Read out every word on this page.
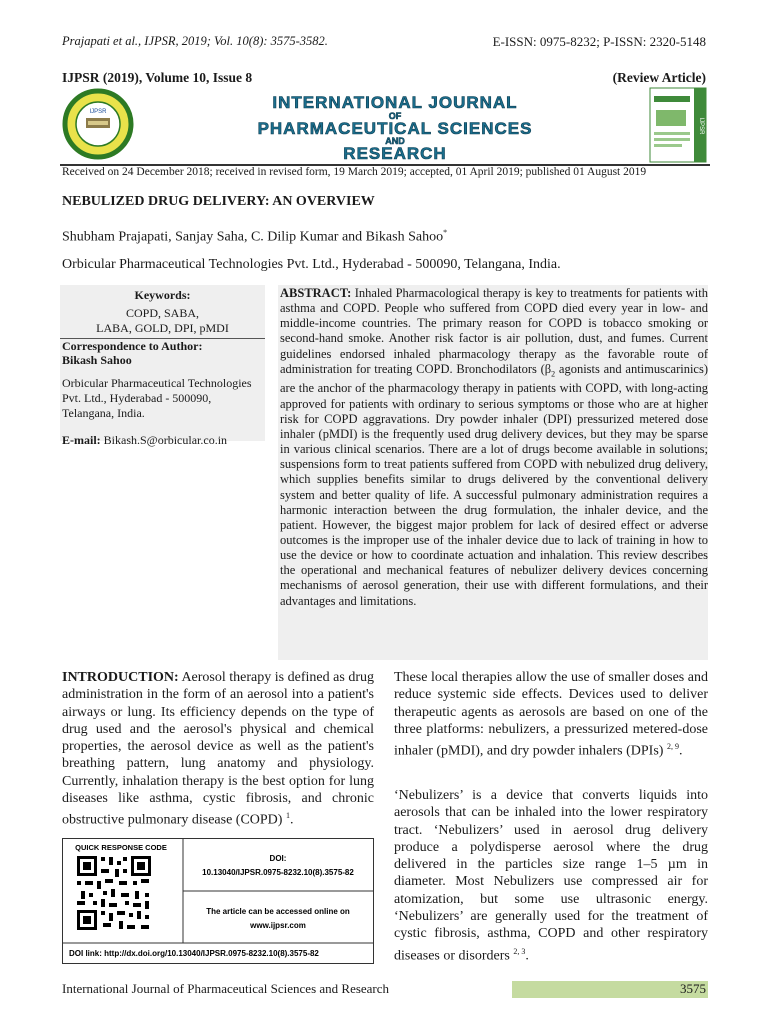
Prajapati et al., IJPSR, 2019; Vol. 10(8): 3575-3582.	E-ISSN: 0975-8232; P-ISSN: 2320-5148
IJPSR (2019), Volume 10, Issue 8	(Review Article)
IJPSR	INTERNATIONAL JOURNAL
OF
PHARMACEUTICAL SCIENCES
AND
RESEARCH
IJPSR
Received on 24 December 2018; received in revised form, 19 March 2019; accepted, 01 April 2019; published 01 August 2019
NEBULIZED DRUG DELIVERY: AN OVERVIEW
Shubham Prajapati, Sanjay Saha, C. Dilip Kumar and Bikash Sahoo*
Orbicular Pharmaceutical Technologies Pvt. Ltd., Hyderabad - 500090, Telangana, India.
Keywords:
COPD, SABA,
LABA, GOLD, DPI, pMDI
Correspondence to Author:
Bikash Sahoo
Orbicular Pharmaceutical Technologies Pvt. Ltd., Hyderabad - 500090, Telangana, India.
E-mail: Bikash.S@orbicular.co.in
ABSTRACT: Inhaled Pharmacological therapy is key to treatments for patients with asthma and COPD. People who suffered from COPD died every year in low- and middle-income countries. The primary reason for COPD is tobacco smoking or second-hand smoke. Another risk factor is air pollution, dust, and fumes. Current guidelines endorsed inhaled pharmacology therapy as the favorable route of administration for treating COPD. Bronchodilators ($\beta_2$ agonists and antimuscarinics) are the anchor of the pharmacology therapy in patients with COPD, with long-acting approved for patients with ordinary to serious symptoms or those who are at higher risk for COPD aggravations. Dry powder inhaler (DPI) pressurized metered dose inhaler (pMDI) is the frequently used drug delivery devices, but they may be sparse in various clinical scenarios. There are a lot of drugs become available in solutions; suspensions form to treat patients suffered from COPD with nebulized drug delivery, which supplies benefits similar to drugs delivered by the conventional delivery system and better quality of life. A successful pulmonary administration requires a harmonic interaction between the drug formulation, the inhaler device, and the patient. However, the biggest major problem for lack of desired effect or adverse outcomes is the improper use of the inhaler device due to lack of training in how to use the device or how to coordinate actuation and inhalation. This review describes the operational and mechanical features of nebulizer delivery devices concerning mechanisms of aerosol generation, their use with different formulations, and their advantages and limitations.
INTRODUCTION: Aerosol therapy is defined as drug administration in the form of an aerosol into a patient's airways or lung. Its efficiency depends on the type of drug used and the aerosol's physical and chemical properties, the aerosol device as well as the patient's breathing pattern, lung anatomy and physiology. Currently, inhalation therapy is the best option for lung diseases like asthma, cystic fibrosis, and chronic obstructive pulmonary disease (COPD) $^1$.
QUICK RESPONSE CODE
DOI:
10.13040/IJPSR.0975-8232.10(8).3575-82
The article can be accessed online on
www.ijpsr.com
DOI link: http://dx.doi.org/10.13040/IJPSR.0975-8232.10(8).3575-82
These local therapies allow the use of smaller doses and reduce systemic side effects. Devices used to deliver therapeutic agents as aerosols are based on one of the three platforms: nebulizers, a pressurized metered-dose inhaler (pMDI), and dry powder inhalers (DPIs) $^{2, 9}$.
‘Nebulizers’ is a device that converts liquids into aerosols that can be inhaled into the lower respiratory tract. ‘Nebulizers’ used in aerosol drug delivery produce a polydisperse aerosol where the drug delivered in the particles size range 1–5 µm in diameter. Most Nebulizers use compressed air for atomization, but some use ultrasonic energy. ‘Nebulizers’ are generally used for the treatment of cystic fibrosis, asthma, COPD and other respiratory diseases or disorders $^{2, 3}$.
International Journal of Pharmaceutical Sciences and Research	3575
